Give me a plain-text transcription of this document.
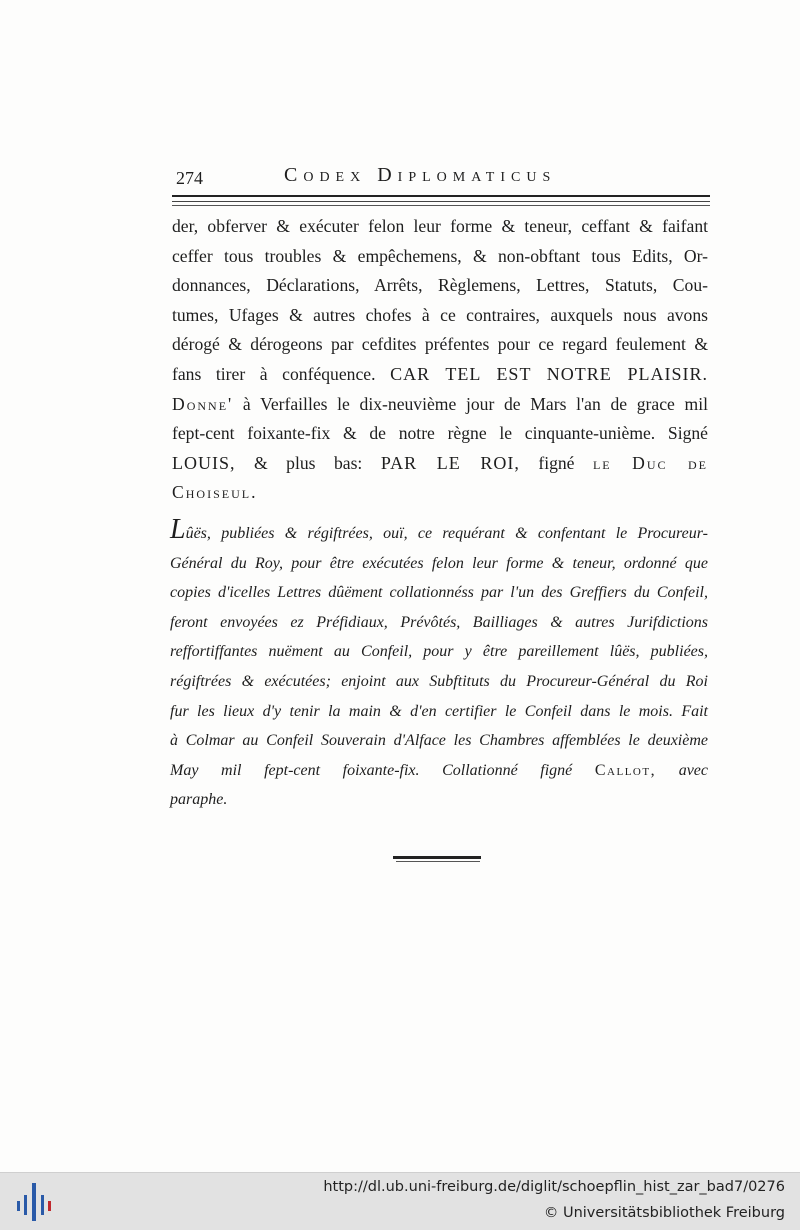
274	Codex Diplomaticus
der, obferver & exécuter felon leur forme & teneur, ceffant & faifant
ceffer tous troubles & empêchemens, & non-obftant tous Edits, Or-
donnances, Déclarations, Arrêts, Règlemens, Lettres, Statuts, Cou-
tumes, Ufages & autres chofes à ce contraires, auxquels nous avons
dérogé & dérogeons par cefdites préfentes pour ce regard feulement &
fans tirer à conféquence. CAR TEL EST NOTRE PLAISIR.
Donne' à Verfailles le dix-neuvième jour de Mars l'an de grace mil
fept-cent foixante-fix & de notre règne le cinquante-unième. Signé
LOUIS, & plus bas: PAR LE ROI, figné le Duc de
Choiseul.
Lûës, publiées & régiftrées, ouï, ce requérant & confentant le Procureur-
Général du Roy, pour être exécutées felon leur forme & teneur, ordonné que
copies d'icelles Lettres dûëment collationnéss par l'un des Greffiers du Confeil,
feront envoyées ez Préfidiaux, Prévôtés, Bailliages & autres Jurifdictions
reffortiffantes nuëment au Confeil, pour y être pareillement lûës, publiées,
régiftrées & exécutées; enjoint aux Subftituts du Procureur-Général du Roi
fur les lieux d'y tenir la main & d'en certifier le Confeil dans le mois. Fait
à Colmar au Confeil Souverain d'Alface les Chambres affemblées le deuxième
May mil fept-cent foixante-fix. Collationné figné Callot, avec
paraphe.
http://dl.ub.uni-freiburg.de/diglit/schoepflin_hist_zar_bad7/0276
© Universitätsbibliothek Freiburg
